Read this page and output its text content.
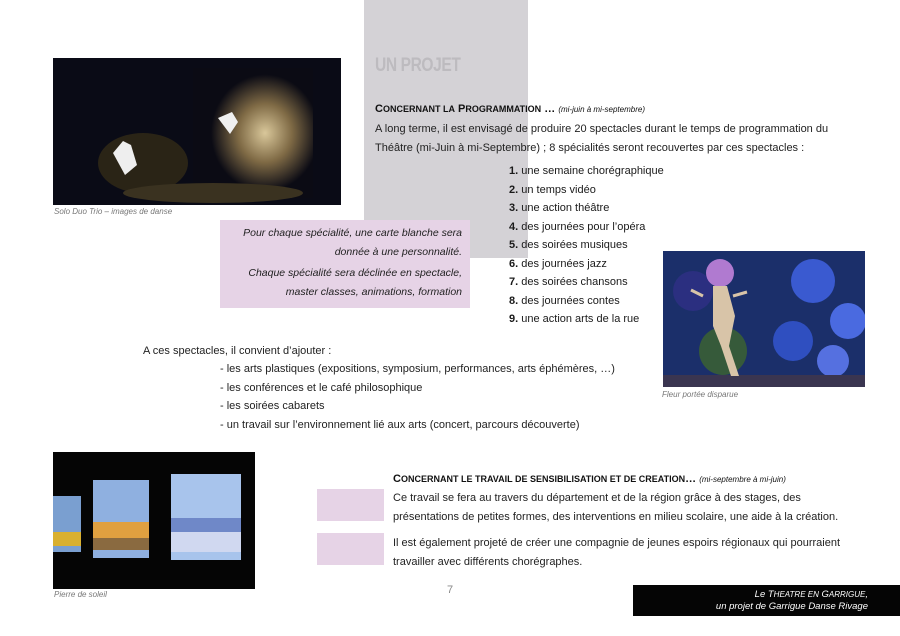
UN PROJET
Solo Duo Trio – images de danse
CONCERNANT LA PROGRAMMATION … (mi-juin à mi-septembre)
A long terme, il est envisagé de produire 20 spectacles durant le temps de programmation du
Théâtre (mi-Juin à mi-Septembre) ; 8 spécialités seront recouvertes par ces spectacles :
1. une semaine chorégraphique
2. un temps vidéo
3. une action théâtre
4. des journées pour l’opéra
5. des soirées musiques
6. des journées jazz
7. des soirées chansons
8. des journées contes
9. une action arts de la rue

Pour chaque spécialité, une carte blanche sera
donnée à une personnalité.

Chaque spécialité sera déclinée en spectacle,
master classes, animations, formation

Fleur portée disparue
A ces spectacles, il convient d’ajouter :
- les arts plastiques (expositions, symposium, performances, arts éphémères, …)
- les conférences et le café philosophique
- les soirées cabarets
- un travail sur l’environnement lié aux arts (concert, parcours découverte)
Pierre de soleil
CONCERNANT LE TRAVAIL DE SENSIBILISATION ET DE CREATION… (mi-septembre à mi-juin)
Ce travail se fera au travers du département et de la région grâce à des stages, des
présentations de petites formes, des interventions en milieu scolaire, une aide à la création.
Il est également projeté de créer une compagnie de jeunes espoirs régionaux qui pourraient
travailler avec différents chorégraphes.
7	Le THEATRE EN GARRIGUE,
un projet de Garrigue Danse Rivage
